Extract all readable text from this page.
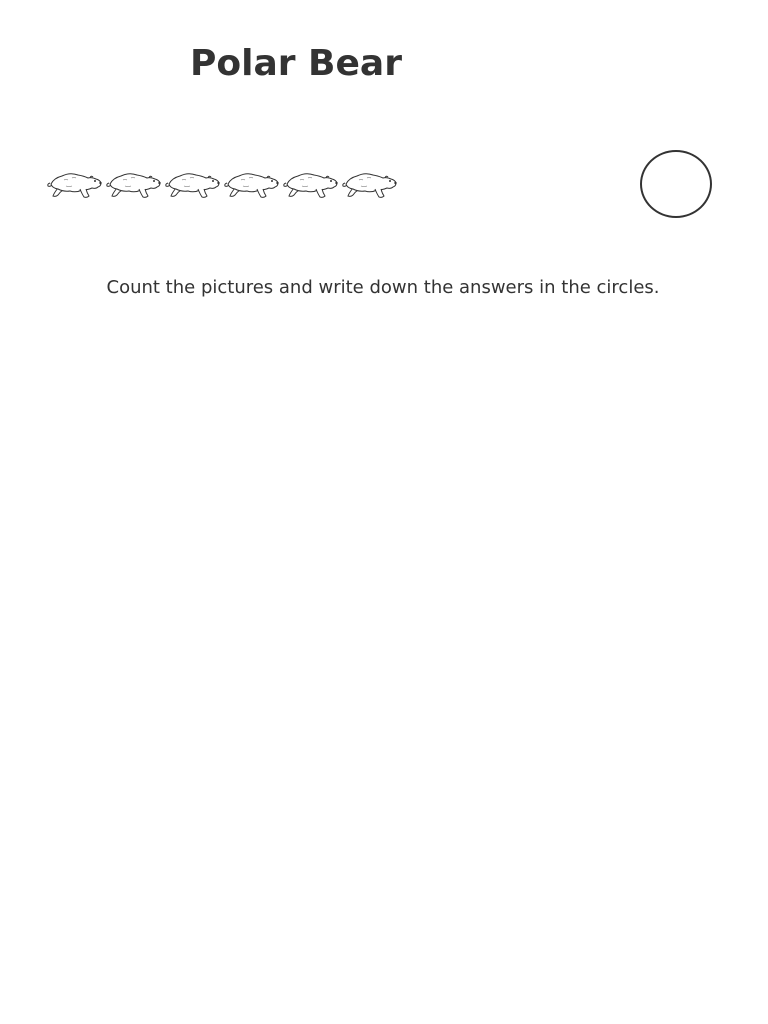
Polar Bear
Count the pictures and write down the answers in the circles.
